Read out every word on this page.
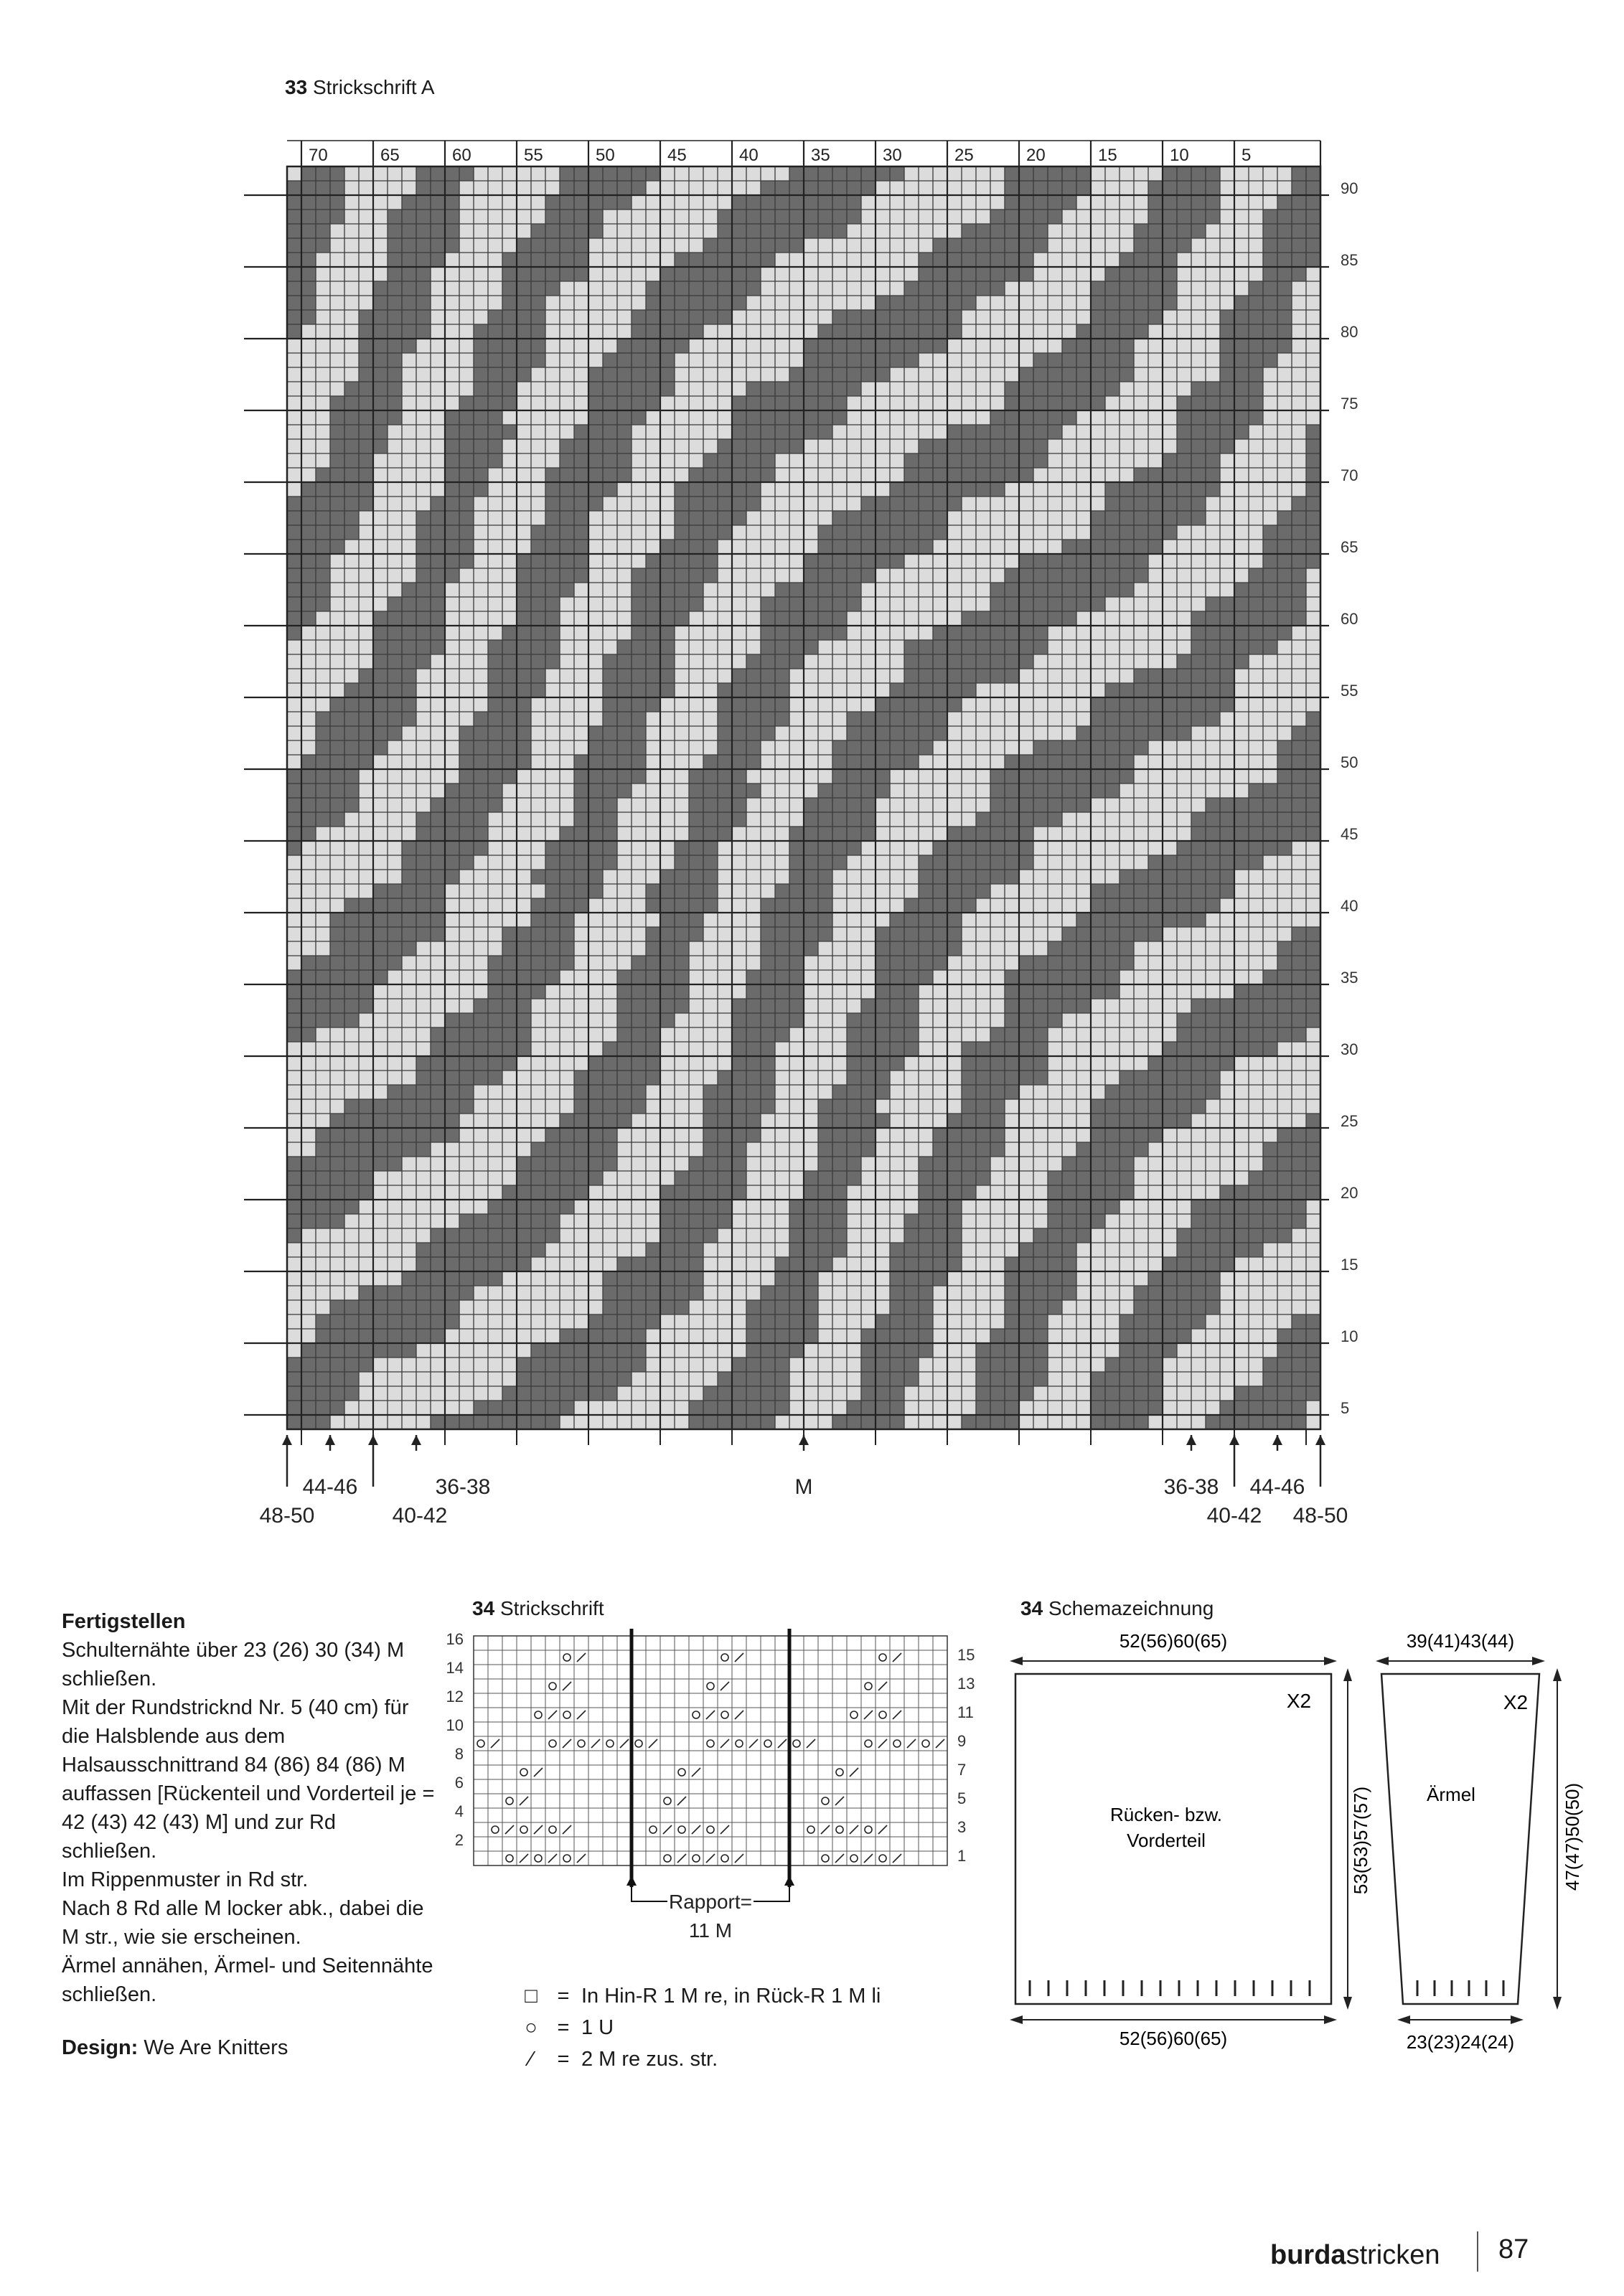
33 Strickschrift A
70	65	60	55	50	45	40	35	30	25	20	15	10	5
90
85
80
75
70
65
60
55
50
45
40
35
30
25
20
15
10
5
48-50
44-46
40-42
36-38	M	36-38
40-42
44-46
48-50

Fertigstellen

Schulternähte über 23 (26) 30 (34) M schließen.

Mit der Rundstricknd Nr. 5 (40 cm) für die Halsblende aus dem Halsausschnittrand 84 (86) 84 (86) M auffassen [Rückenteil und Vorderteil je = 42 (43) 42 (43) M] und zur Rd schließen.

Im Rippenmuster in Rd str.

Nach 8 Rd alle M locker abk., dabei die M str., wie sie erscheinen.

Ärmel annähen, Ärmel- und Seitennähte schließen.

Design: We Are Knitters

34 Strickschrift
16
14
12
10
8
6
4
2
15
13
11
9
7
5
3
1
Rapport=
11 M
□ = In Hin-R 1 M re, in Rück-R 1 M li
○ = 1 U
⁄	= 2 M re zus. str.
34 Schemazeichnung
52(56)60(65)
52(56)60(65)
X2
Rücken- bzw.
Vorderteil	53(53)57(57)
39(41)43(44)
23(23)24(24)
X2
Ärmel	47(47)50(50)
burdastricken 87
